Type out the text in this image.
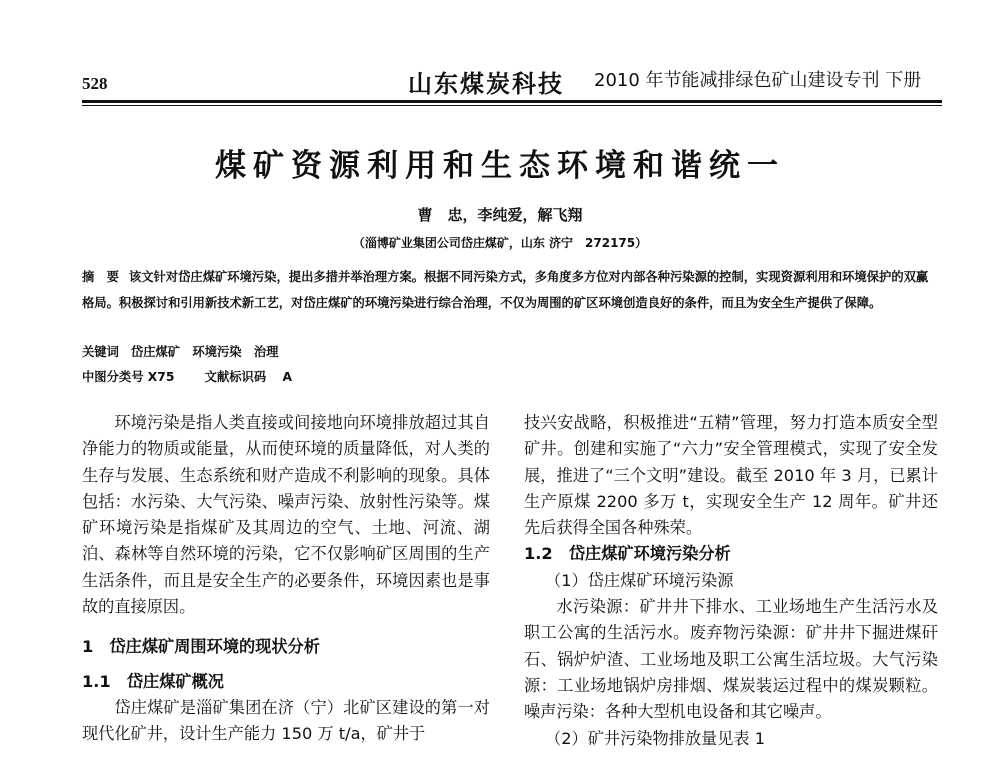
528	山东煤炭科技 2010 年节能减排绿色矿山建设专刊 下册
煤矿资源利用和生态环境和谐统一
曹　忠，李纯爱，解飞翔
（淄博矿业集团公司岱庄煤矿，山东 济宁　272175）
摘　要 该文针对岱庄煤矿环境污染，提出多措并举治理方案。根据不同污染方式，多角度多方位对内部各种污染源的控制，实现资源利用和环境保护的双赢格局。积极探讨和引用新技术新工艺，对岱庄煤矿的环境污染进行综合治理，不仅为周围的矿区环境创造良好的条件，而且为安全生产提供了保障。
关键词 岱庄煤矿　环境污染　治理
中图分类号 X75 文献标识码 A

环境污染是指人类直接或间接地向环境排放超过其自净能力的物质或能量，从而使环境的质量降低，对人类的生存与发展、生态系统和财产造成不利影响的现象。具体包括：水污染、大气污染、噪声污染、放射性污染等。煤矿环境污染是指煤矿及其周边的空气、土地、河流、湖泊、森林等自然环境的污染，它不仅影响矿区周围的生产生活条件，而且是安全生产的必要条件，环境因素也是事故的直接原因。

1　岱庄煤矿周围环境的现状分析

1.1　岱庄煤矿概况

岱庄煤矿是淄矿集团在济（宁）北矿区建设的第一对现代化矿井，设计生产能力 150 万 t/a，矿井于

技兴安战略，积极推进“五精”管理，努力打造本质安全型矿井。创建和实施了“六力”安全管理模式，实现了安全发展，推进了“三个文明”建设。截至 2010 年 3 月，已累计生产原煤 2200 多万 t，实现安全生产 12 周年。矿井还先后获得全国各种殊荣。

1.2　岱庄煤矿环境污染分析

（1）岱庄煤矿环境污染源

水污染源：矿井井下排水、工业场地生产生活污水及职工公寓的生活污水。废弃物污染源：矿井井下掘进煤矸石、锅炉炉渣、工业场地及职工公寓生活垃圾。大气污染源：工业场地锅炉房排烟、煤炭装运过程中的煤炭颗粒。噪声污染：各种大型机电设备和其它噪声。

（2）矿井污染物排放量见表 1
